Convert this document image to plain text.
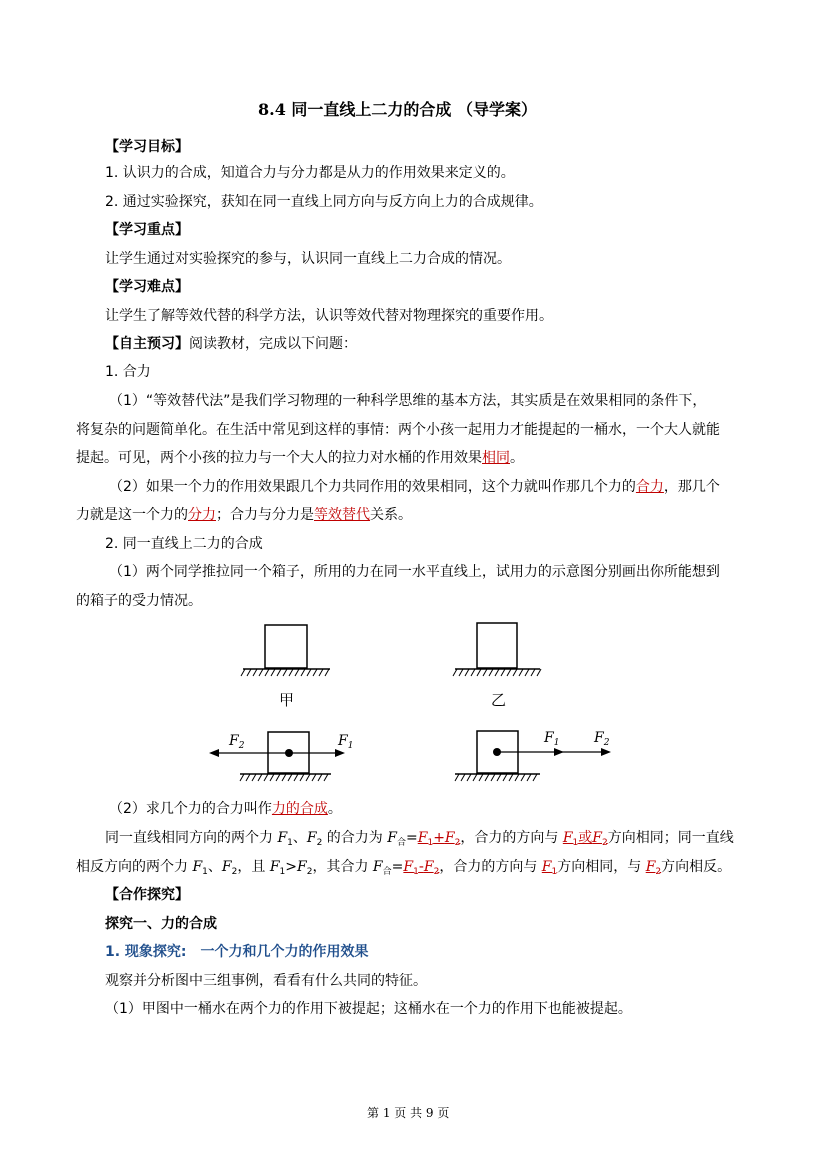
8.4 同一直线上二力的合成 （导学案）
【学习目标】
1. 认识力的合成，知道合力与分力都是从力的作用效果来定义的。
2. 通过实验探究，获知在同一直线上同方向与反方向上力的合成规律。
【学习重点】
让学生通过对实验探究的参与，认识同一直线上二力合成的情况。
【学习难点】
让学生了解等效代替的科学方法，认识等效代替对物理探究的重要作用。
【自主预习】阅读教材，完成以下问题：
1. 合力
（1）“等效替代法”是我们学习物理的一种科学思维的基本方法，其实质是在效果相同的条件下，
将复杂的问题简单化。在生活中常见到这样的事情：两个小孩一起用力才能提起的一桶水，一个大人就能
提起。可见，两个小孩的拉力与一个大人的拉力对水桶的作用效果相同。
（2）如果一个力的作用效果跟几个力共同作用的效果相同，这个力就叫作那几个力的合力，那几个
力就是这一个力的分力；合力与分力是等效替代关系。
2. 同一直线上二力的合成
（1）两个同学推拉同一个箱子，所用的力在同一水平直线上，试用力的示意图分别画出你所能想到
的箱子的受力情况。
$F_2$	$F_1$	$F_1$ $F_2$
甲	乙
（2）求几个力的合力叫作力的合成。
同一直线相同方向的两个力 $F_1$、$F_2$ 的合力为 $F_合=F_1+F_2$，合力的方向与 $F_1$或$F_2$方向相同；同一直线
相反方向的两个力 $F_1$、$F_2$，且 $F_1>F_2$，其合力 $F_合=F_1-F_2$，合力的方向与 $F_1$方向相同，与 $F_2$方向相反。
【合作探究】
探究一、力的合成
1. 现象探究:　一个力和几个力的作用效果
观察并分析图中三组事例，看看有什么共同的特征。
（1）甲图中一桶水在两个力的作用下被提起；这桶水在一个力的作用下也能被提起。
第 1 页 共 9 页
